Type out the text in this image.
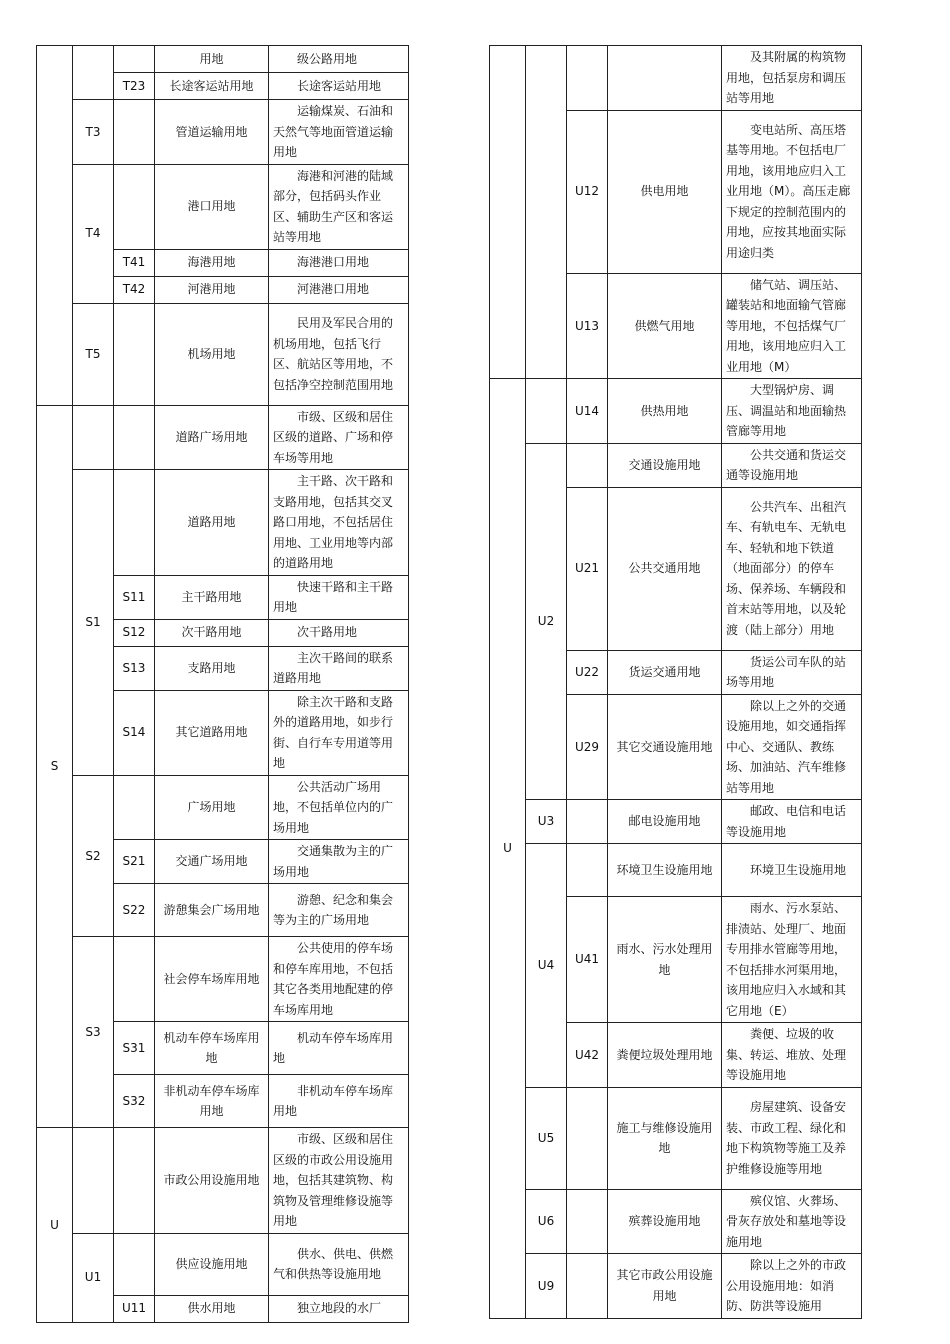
			用地	级公路用地
		T23	长途客运站用地	长途客运站用地
	T3		管道运输用地	运输煤炭、石油和天然气等地面管道运输用地
	T4		港口用地	海港和河港的陆域部分，包括码头作业区、辅助生产区和客运站等用地
		T41	海港用地	海港港口用地
		T42	河港用地	河港港口用地
	T5		机场用地	民用及军民合用的机场用地，包括飞行区、航站区等用地，不包括净空控制范围用地
S			道路广场用地	市级、区级和居住区级的道路、广场和停车场等用地
	S1		道路用地	主干路、次干路和支路用地，包括其交叉路口用地，不包括居住用地、工业用地等内部的道路用地
		S11	主干路用地	快速干路和主干路用地
		S12	次干路用地	次干路用地
		S13	支路用地	主次干路间的联系道路用地
		S14	其它道路用地	除主次干路和支路外的道路用地，如步行街、自行车专用道等用地
	S2		广场用地	公共活动广场用地，不包括单位内的广场用地
		S21	交通广场用地	交通集散为主的广场用地
		S22	游憩集会广场用地	游憩、纪念和集会等为主的广场用地
	S3		社会停车场库用地	公共使用的停车场和停车库用地，不包括其它各类用地配建的停车场库用地
		S31	机动车停车场库用地	机动车停车场库用地
		S32	非机动车停车场库用地	非机动车停车场库用地
U			市政公用设施用地	市级、区级和居住区级的市政公用设施用地，包括其建筑物、构筑物及管理维修设施等用地
	U1		供应设施用地	供水、供电、供燃气和供热等设施用地
		U11	供水用地	独立地段的水厂
				及其附属的构筑物用地，包括泵房和调压站等用地
		U12	供电用地	变电站所、高压塔基等用地。不包括电厂用地，该用地应归入工业用地（M）。高压走廊下规定的控制范围内的用地，应按其地面实际用途归类
		U13	供燃气用地	储气站、调压站、罐装站和地面输气管廊等用地，不包括煤气厂用地，该用地应归入工业用地（M）
U		U14	供热用地	大型锅炉房、调压、调温站和地面输热管廊等用地
	U2		交通设施用地	公共交通和货运交通等设施用地
		U21	公共交通用地	公共汽车、出租汽车、有轨电车、无轨电车、轻轨和地下铁道（地面部分）的停车场、保养场、车辆段和首末站等用地，以及轮渡（陆上部分）用地
		U22	货运交通用地	货运公司车队的站场等用地
		U29	其它交通设施用地	除以上之外的交通设施用地，如交通指挥中心、交通队、教练场、加油站、汽车维修站等用地
	U3		邮电设施用地	邮政、电信和电话等设施用地
	U4		环境卫生设施用地	环境卫生设施用地
		U41	雨水、污水处理用地	雨水、污水泵站、排渍站、处理厂、地面专用排水管廊等用地，不包括排水河渠用地，该用地应归入水域和其它用地（E）
		U42	粪便垃圾处理用地	粪便、垃圾的收集、转运、堆放、处理等设施用地
	U5		施工与维修设施用地	房屋建筑、设备安装、市政工程、绿化和地下构筑物等施工及养护维修设施等用地
	U6		殡葬设施用地	殡仪馆、火葬场、骨灰存放处和墓地等设施用地
	U9		其它市政公用设施用地	除以上之外的市政公用设施用地：如消防、防洪等设施用
